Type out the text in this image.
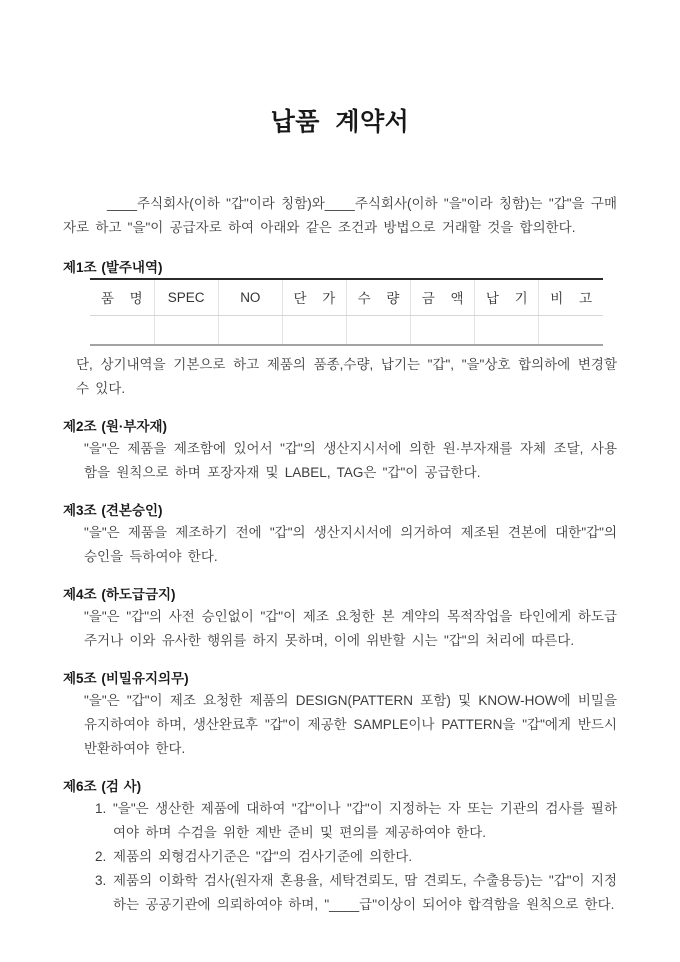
납품 계약서

____주식회사(이하 "갑"이라 칭함)와____주식회사(이하 "을"이라 칭함)는 "갑"을 구매자로 하고 "을"이 공급자로 하여 아래와 같은 조건과 방법으로 거래할 것을 합의한다.

제1조 (발주내역)
품 명	SPEC	NO	단 가	수 량	금 액	납 기	비 고

단, 상기내역을 기본으로 하고 제품의 품종,수량, 납기는 "갑", "을"상호 합의하에 변경할 수 있다.

제2조 (원·부자재)

"을"은 제품을 제조함에 있어서 "갑"의 생산지시서에 의한 원·부자재를 자체 조달, 사용함을 원칙으로 하며 포장자재 및 LABEL, TAG은 "갑"이 공급한다.

제3조 (견본승인)

"을"은 제품을 제조하기 전에 "갑"의 생산지시서에 의거하여 제조된 견본에 대한"갑"의 승인을 득하여야 한다.

제4조 (하도급금지)

"을"은 "갑"의 사전 승인없이 "갑"이 제조 요청한 본 계약의 목적작업을 타인에게 하도급주거나 이와 유사한 행위를 하지 못하며, 이에 위반할 시는 "갑"의 처리에 따른다.

제5조 (비밀유지의무)

"을"은 "갑"이 제조 요청한 제품의 DESIGN(PATTERN 포함) 및 KNOW-HOW에 비밀을 유지하여야 하며, 생산완료후 "갑"이 제공한 SAMPLE이나 PATTERN을 "갑"에게 반드시 반환하여야 한다.

제6조 (검 사)
1. "을"은 생산한 제품에 대하여 "갑"이나 "갑"이 지정하는 자 또는 기관의 검사를 필하여야 하며 수검을 위한 제반 준비 및 편의를 제공하여야 한다.
2. 제품의 외형검사기준은 "갑"의 검사기준에 의한다.
3. 제품의 이화학 검사(원자재 혼용율, 세탁견뢰도, 땀 견뢰도, 수출용등)는 "갑"이 지정하는 공공기관에 의뢰하여야 하며, "____급"이상이 되어야 합격함을 원칙으로 한다.
